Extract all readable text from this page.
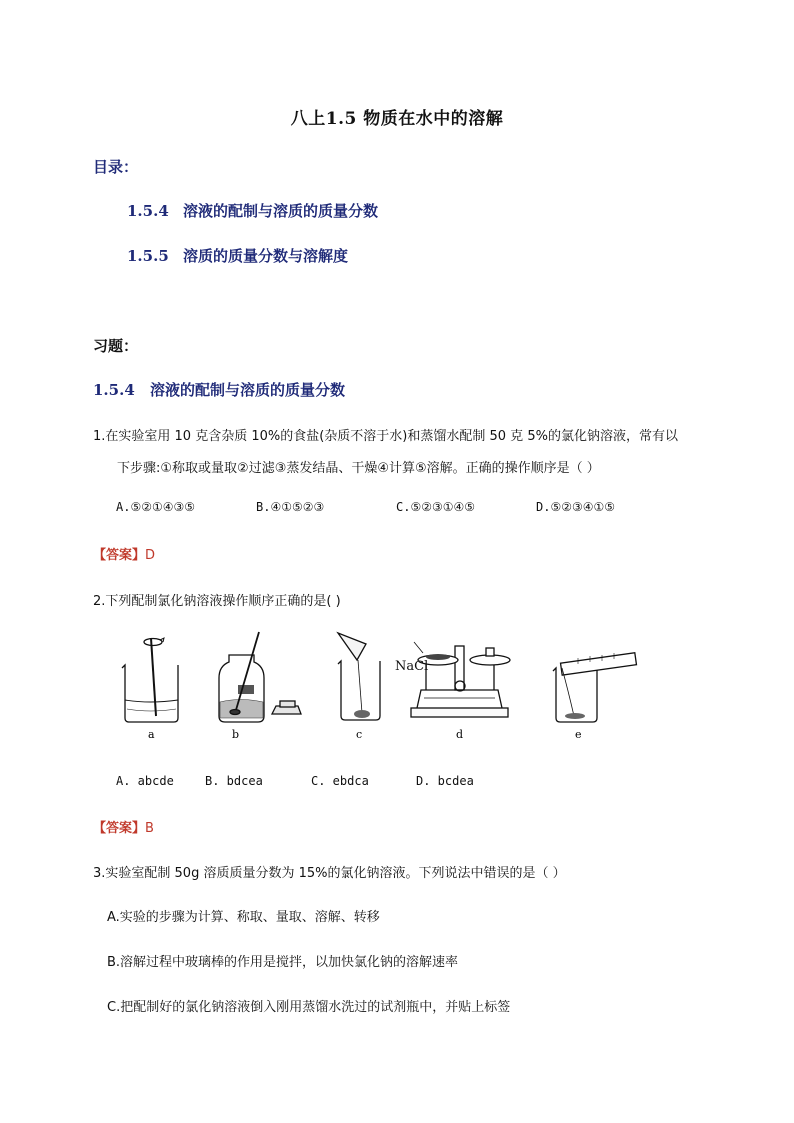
八上1.5 物质在水中的溶解
目录：
1.5.4 溶液的配制与溶质的质量分数
1.5.5 溶质的质量分数与溶解度
习题：
1.5.4 溶液的配制与溶质的质量分数
1.在实验室用 10 克含杂质 10%的食盐(杂质不溶于水)和蒸馏水配制 50 克 5%的氯化钠溶液，常有以
下步骤:①称取或量取②过滤③蒸发结晶、干燥④计算⑤溶解。正确的操作顺序是（ ）
A.⑤②①④③⑤	B.④①⑤②③	C.⑤②③①④⑤	D.⑤②③④①⑤
【答案】D
2.下列配制氯化钠溶液操作顺序正确的是( )
NaCl
a	b	c	d	e
A. abcde	B. bdcea	C. ebdca	D. bcdea
【答案】B
3.实验室配制 50g 溶质质量分数为 15%的氯化钠溶液。下列说法中错误的是（ ）
A.实验的步骤为计算、称取、量取、溶解、转移
B.溶解过程中玻璃棒的作用是搅拌，以加快氯化钠的溶解速率
C.把配制好的氯化钠溶液倒入刚用蒸馏水洗过的试剂瓶中，并贴上标签
